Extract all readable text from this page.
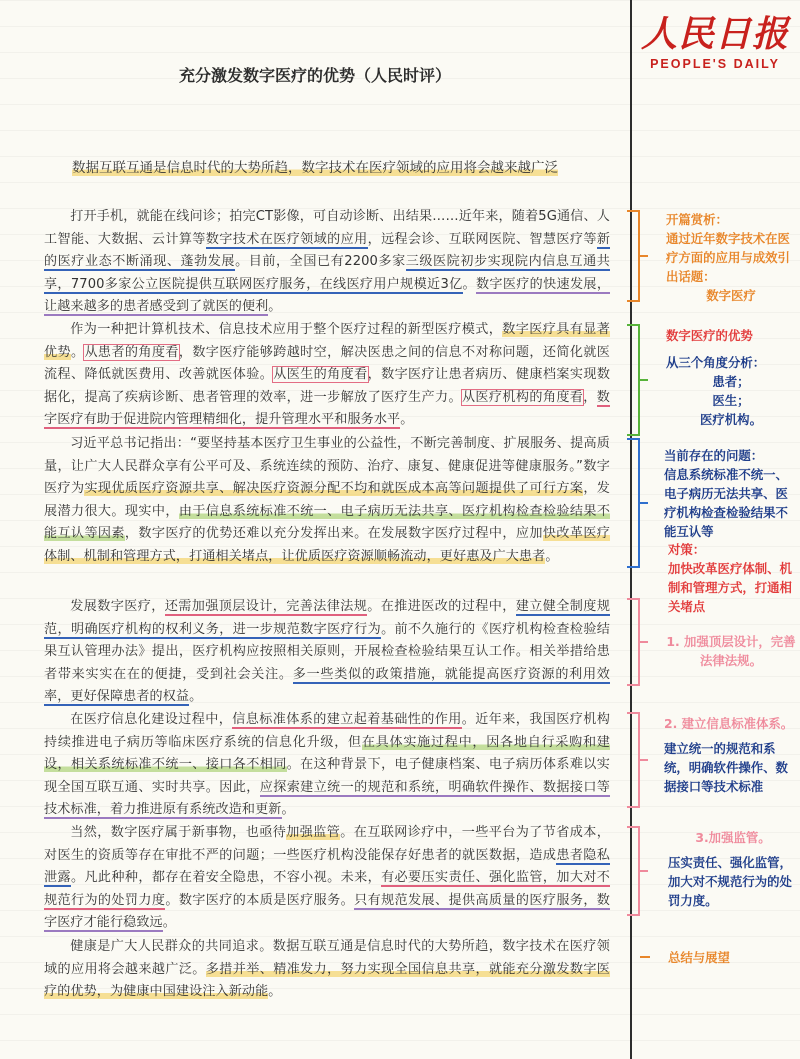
人民日报
PEOPLE'S DAILY
充分激发数字医疗的优势（人民时评）
数据互联互通是信息时代的大势所趋，数字技术在医疗领域的应用将会越来越广泛
打开手机，就能在线问诊；拍完CT影像，可自动诊断、出结果……近年来，随着5G通信、人工智能、大数据、云计算等数字技术在医疗领域的应用，远程会诊、互联网医院、智慧医疗等新的医疗业态不断涌现、蓬勃发展。目前，全国已有2200多家三级医院初步实现院内信息互通共享，7700多家公立医院提供互联网医疗服务，在线医疗用户规模近3亿。数字医疗的快速发展，让越来越多的患者感受到了就医的便利。
作为一种把计算机技术、信息技术应用于整个医疗过程的新型医疗模式，数字医疗具有显著优势。从患者的角度看，数字医疗能够跨越时空，解决医患之间的信息不对称问题，还简化就医流程、降低就医费用、改善就医体验。从医生的角度看，数字医疗让患者病历、健康档案实现数据化，提高了疾病诊断、患者管理的效率，进一步解放了医疗生产力。从医疗机构的角度看，数字医疗有助于促进院内管理精细化，提升管理水平和服务水平。
习近平总书记指出：“要坚持基本医疗卫生事业的公益性，不断完善制度、扩展服务、提高质量，让广大人民群众享有公平可及、系统连续的预防、治疗、康复、健康促进等健康服务。”数字医疗为实现优质医疗资源共享、解决医疗资源分配不均和就医成本高等问题提供了可行方案，发展潜力很大。现实中，由于信息系统标准不统一、电子病历无法共享、医疗机构检查检验结果不能互认等因素，数字医疗的优势还难以充分发挥出来。在发展数字医疗过程中，应加快改革医疗体制、机制和管理方式，打通相关堵点，让优质医疗资源顺畅流动，更好惠及广大患者。
发展数字医疗，还需加强顶层设计，完善法律法规。在推进医改的过程中，建立健全制度规范，明确医疗机构的权利义务，进一步规范数字医疗行为。前不久施行的《医疗机构检查检验结果互认管理办法》提出，医疗机构应按照相关原则，开展检查检验结果互认工作。相关举措给患者带来实实在在的便捷，受到社会关注。多一些类似的政策措施，就能提高医疗资源的利用效率，更好保障患者的权益。
在医疗信息化建设过程中，信息标准体系的建立起着基础性的作用。近年来，我国医疗机构持续推进电子病历等临床医疗系统的信息化升级，但在具体实施过程中，因各地自行采购和建设，相关系统标准不统一、接口各不相同。在这种背景下，电子健康档案、电子病历体系难以实现全国互联互通、实时共享。因此，应探索建立统一的规范和系统，明确软件操作、数据接口等技术标准，着力推进原有系统改造和更新。
当然，数字医疗属于新事物，也亟待加强监管。在互联网诊疗中，一些平台为了节省成本，对医生的资质等存在审批不严的问题；一些医疗机构没能保存好患者的就医数据，造成患者隐私泄露。凡此种种，都存在着安全隐患，不容小视。未来，有必要压实责任、强化监管，加大对不规范行为的处罚力度。数字医疗的本质是医疗服务。只有规范发展、提供高质量的医疗服务，数字医疗才能行稳致远。
健康是广大人民群众的共同追求。数据互联互通是信息时代的大势所趋，数字技术在医疗领域的应用将会越来越广泛。多措并举、精准发力，努力实现全国信息共享，就能充分激发数字医疗的优势，为健康中国建设注入新动能。
开篇赏析：
通过近年数字技术在医疗方面的应用与成效引出话题：
数字医疗
数字医疗的优势
从三个角度分析：
患者；
医生；
医疗机构。
当前存在的问题：
信息系统标准不统一、电子病历无法共享、医疗机构检查检验结果不能互认等
对策：
加快改革医疗体制、机制和管理方式，打通相关堵点
1. 加强顶层设计，完善法律法规。
2. 建立信息标准体系。
建立统一的规范和系统，明确软件操作、数据接口等技术标准
3.加强监管。
压实责任、强化监管，加大对不规范行为的处罚力度。
总结与展望
